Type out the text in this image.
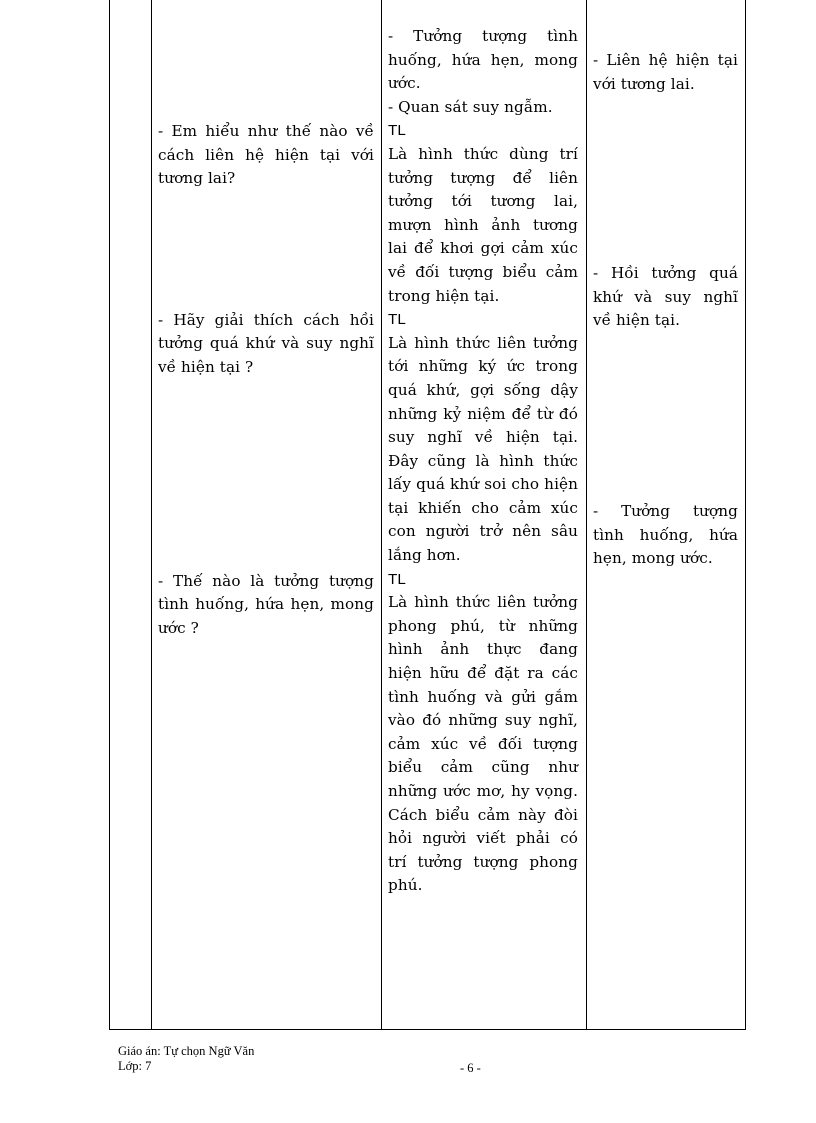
- Em hiểu như thế nào về cách liên hệ hiện tại với tương lai?

- Hãy giải thích cách hồi tưởng quá khứ và suy nghĩ về hiện tại ?

- Thế nào là tưởng tượng tình huống, hứa hẹn, mong ước ?

- Tưởng tượng tình huống, hứa hẹn, mong ước.

- Quan sát suy ngẫm.

TL

Là hình thức dùng trí tưởng tượng để liên tưởng tới tương lai, mượn hình ảnh tương lai để khơi gợi cảm xúc về đối tượng biểu cảm trong hiện tại.

TL

Là hình thức liên tưởng tới những ký ức trong quá khứ, gợi sống dậy những kỷ niệm để từ đó suy nghĩ về hiện tại. Đây cũng là hình thức lấy quá khứ soi cho hiện tại khiến cho cảm xúc con người trở nên sâu lắng hơn.

TL

Là hình thức liên tưởng phong phú, từ những hình ảnh thực đang hiện hữu để đặt ra các tình huống và gửi gắm vào đó những suy nghĩ, cảm xúc về đối tượng biểu cảm cũng như những ước mơ, hy vọng. Cách biểu cảm này đòi hỏi người viết phải có trí tưởng tượng phong phú.

- Liên hệ hiện tại với tương lai.

- Hồi tưởng quá khứ và suy nghĩ về hiện tại.

- Tưởng tượng tình huống, hứa hẹn, mong ước.

Giáo án: Tự chọn Ngữ Văn
Lớp: 7	- 6 -
